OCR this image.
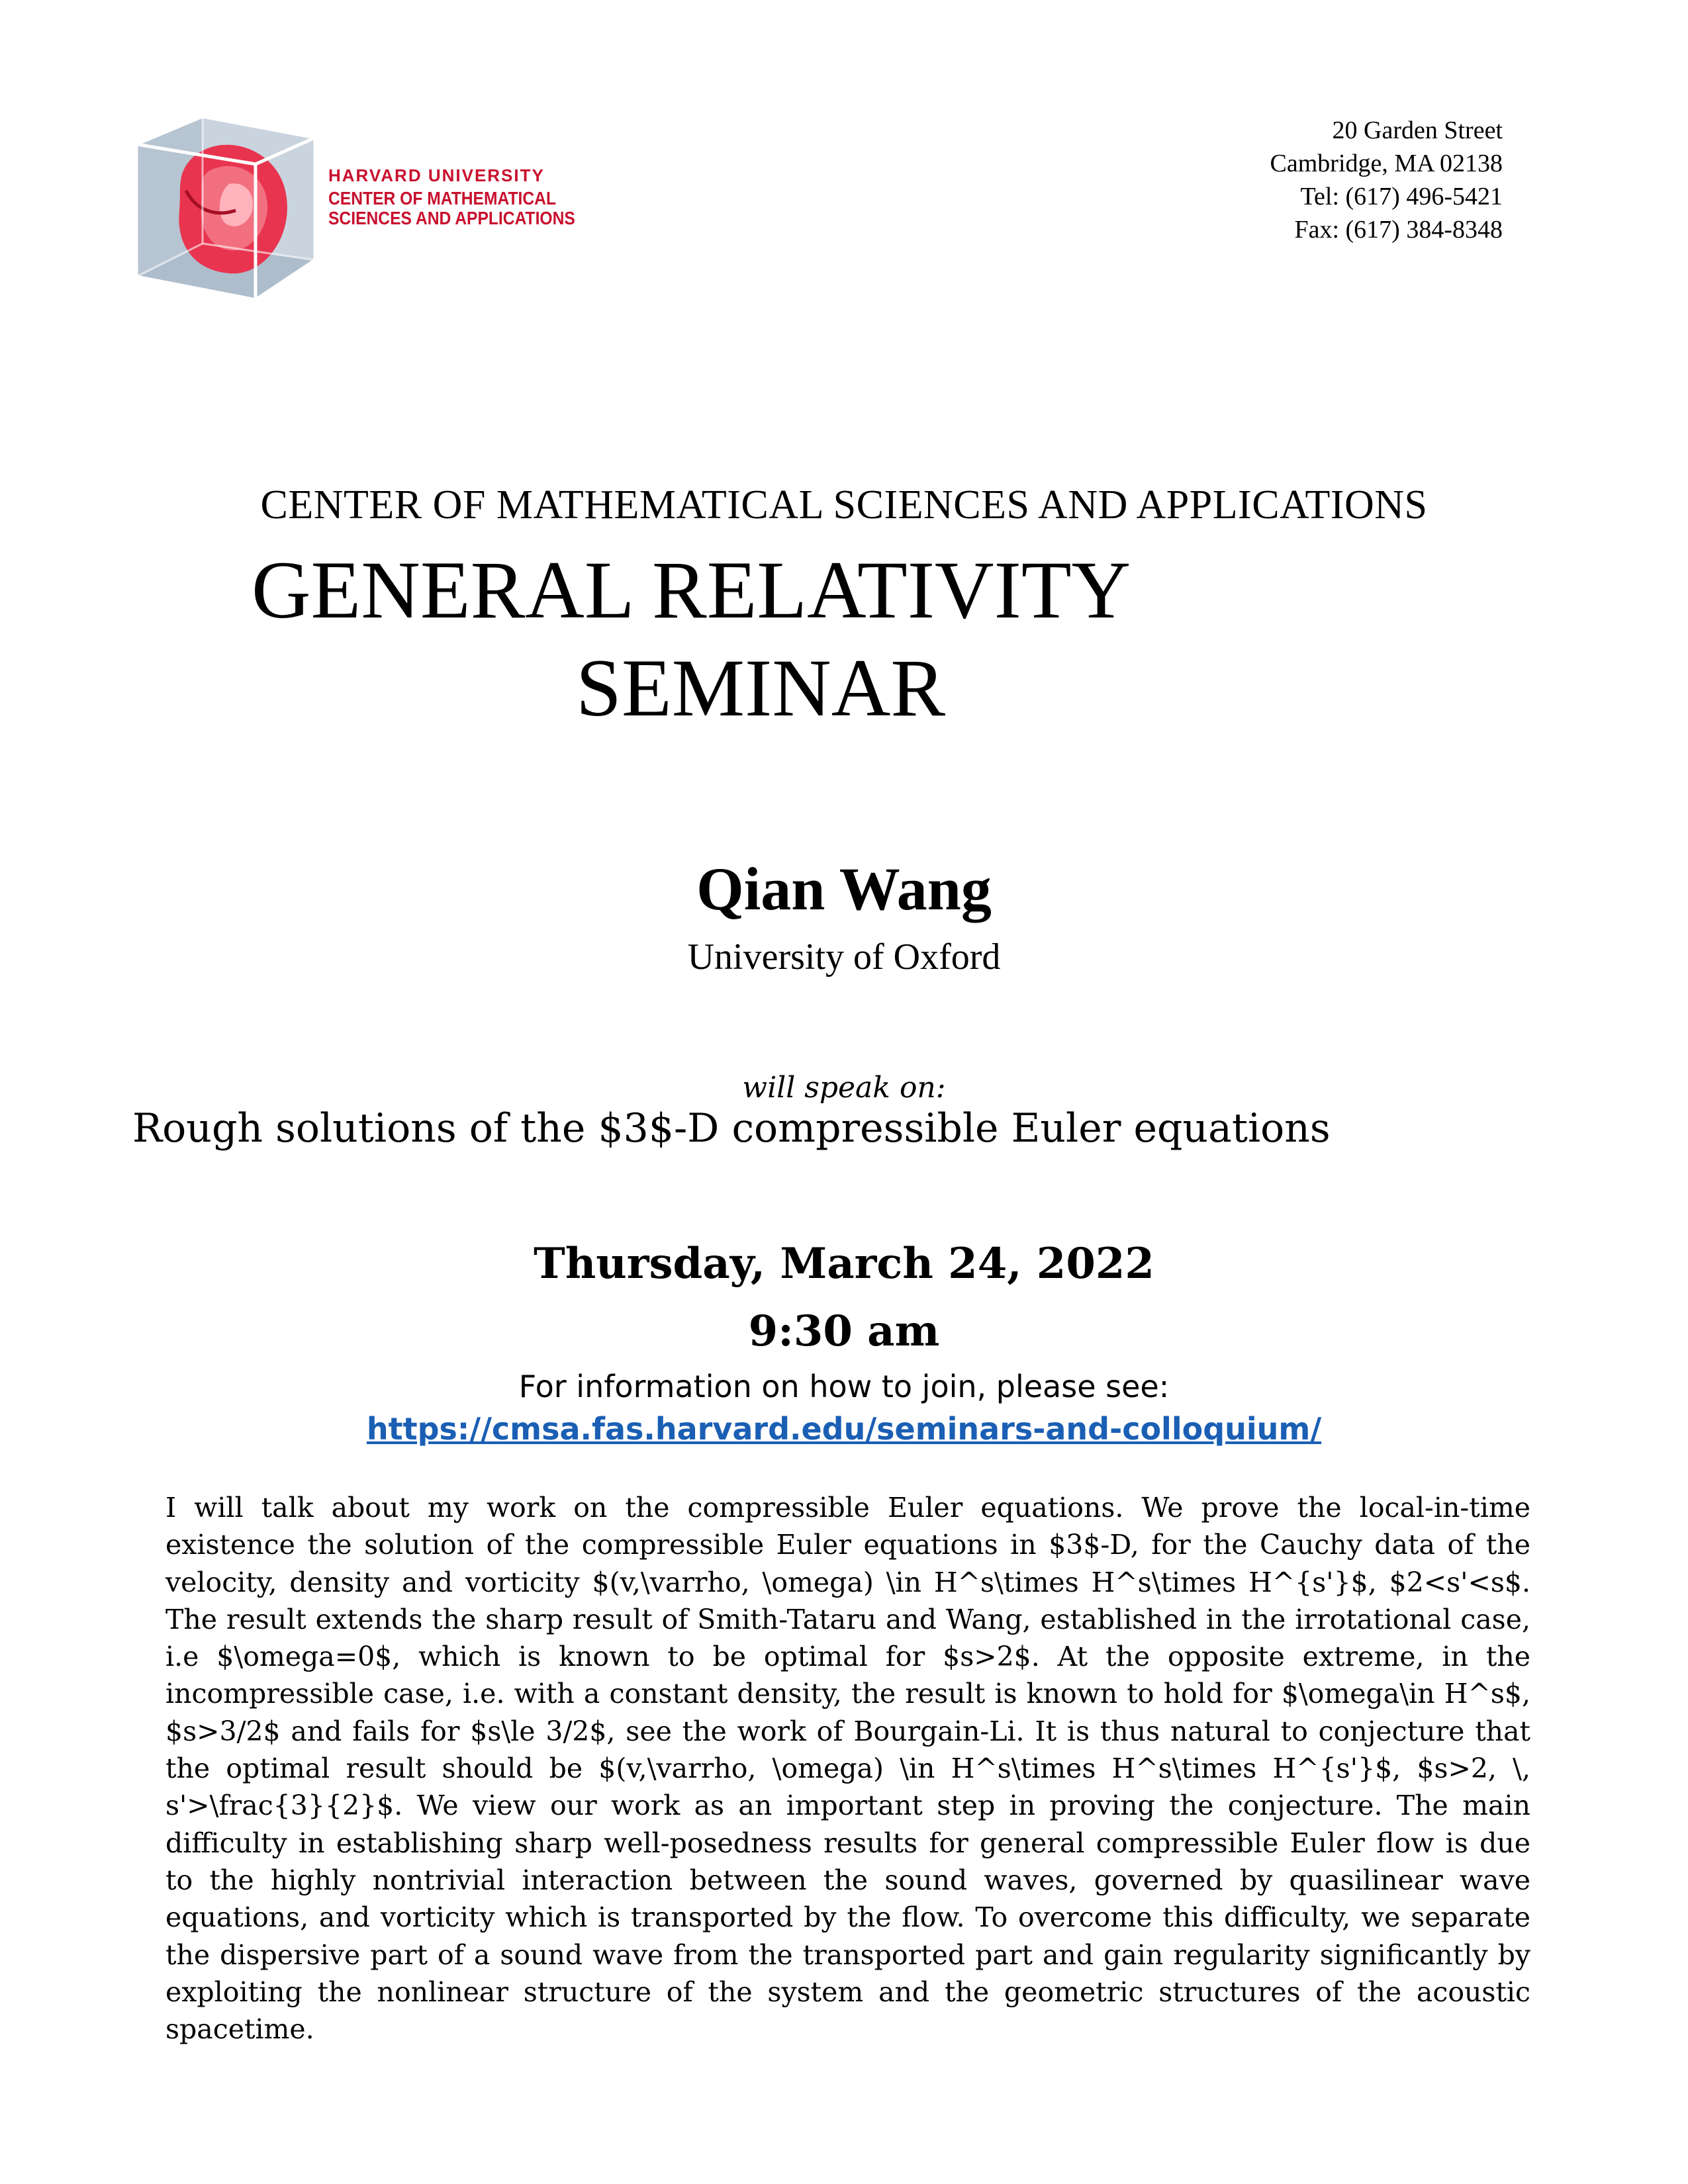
HARVARD UNIVERSITY
CENTER OF MATHEMATICAL
SCIENCES AND APPLICATIONS
20 Garden Street
Cambridge, MA 02138
Tel: (617) 496-5421
Fax: (617) 384-8348
CENTER OF MATHEMATICAL SCIENCES AND APPLICATIONS
GENERAL RELATIVITY
SEMINAR
Qian Wang
University of Oxford
will speak on:
Rough solutions of the $3$-D compressible Euler equations
Thursday, March 24, 2022
9:30 am
For information on how to join, please see:
https://cmsa.fas.harvard.edu/seminars-and-colloquium/
I will talk about my work on the compressible Euler equations. We prove the local-in-time existence the solution of the compressible Euler equations in $3$-D, for the Cauchy data of the velocity, density and vorticity $(v,\varrho, \omega) \in H^s\times H^s\times H^{s'}$, $2<s'<s$. The result extends the sharp result of Smith-Tataru and Wang, established in the irrotational case, i.e $\omega=0$, which is known to be optimal for $s>2$. At the opposite extreme, in the incompressible case, i.e. with a constant density, the result is known to hold for $\omega\in H^s$, $s>3/2$ and fails for $s\le 3/2$, see the work of Bourgain-Li. It is thus natural to conjecture that the optimal result should be $(v,\varrho, \omega) \in H^s\times H^s\times H^{s'}$, $s>2, \, s'>\frac{3}{2}$. We view our work as an important step in proving the conjecture. The main difficulty in establishing sharp well-posedness results for general compressible Euler flow is due to the highly nontrivial interaction between the sound waves, governed by quasilinear wave equations, and vorticity which is transported by the flow. To overcome this difficulty, we separate the dispersive part of a sound wave from the transported part and gain regularity significantly by exploiting the nonlinear structure of the system and the geometric structures of the acoustic spacetime.
